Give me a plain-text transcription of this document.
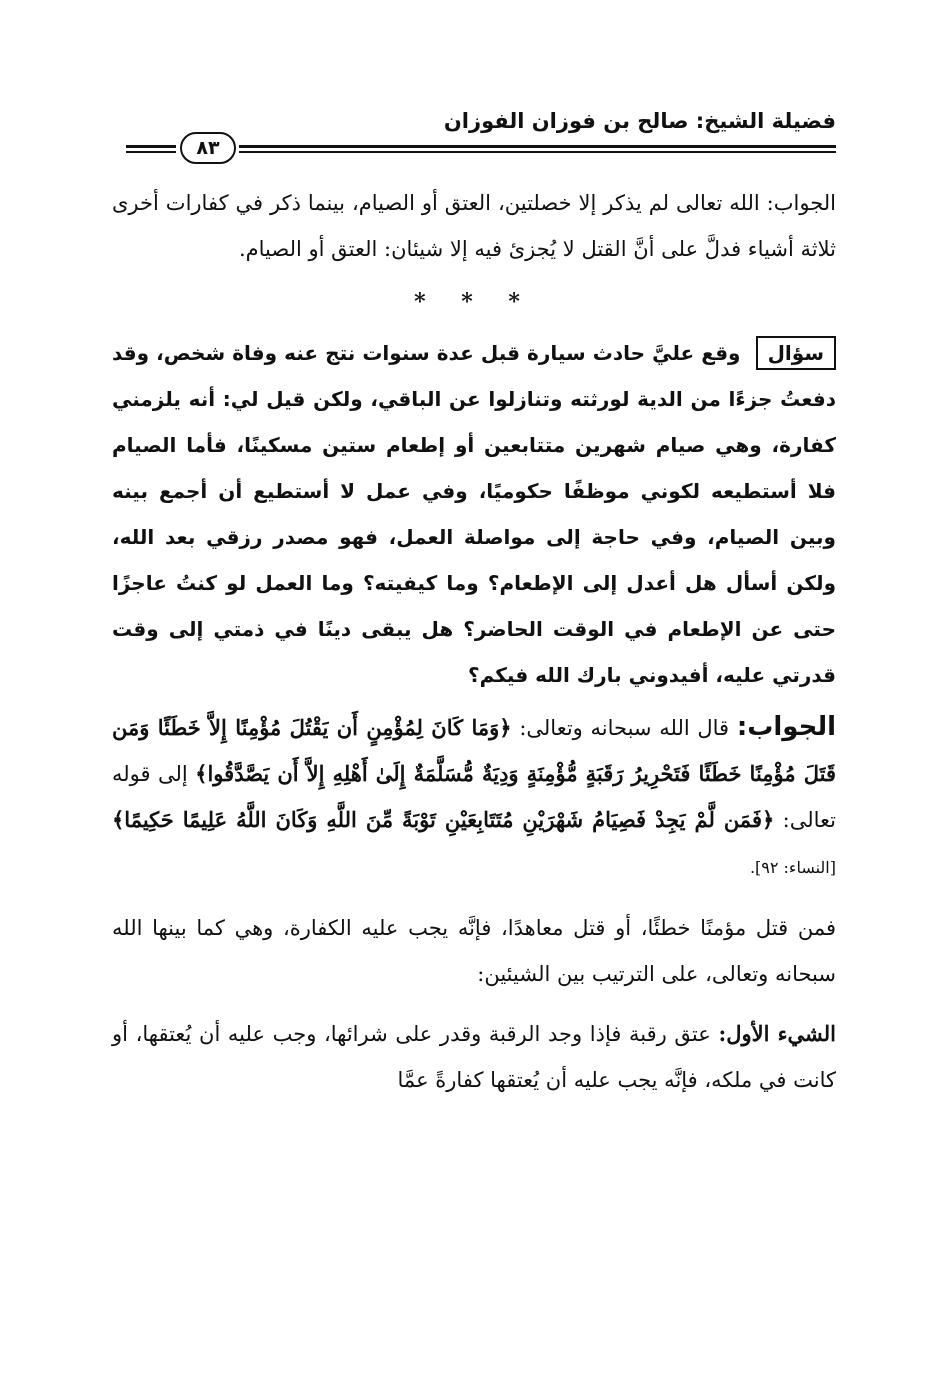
فضيلة الشيخ: صالح بن فوزان الفوزان
٨٣

الجواب: الله تعالى لم يذكر إلا خصلتين، العتق أو الصيام، بينما ذكر في كفارات أخرى ثلاثة أشياء فدلَّ على أنَّ القتل لا يُجزئ فيه إلا شيئان: العتق أو الصيام.

* * *

سؤال وقع عليَّ حادث سيارة قبل عدة سنوات نتج عنه وفاة شخص، وقد دفعتُ جزءًا من الدية لورثته وتنازلوا عن الباقي، ولكن قيل لي: أنه يلزمني كفارة، وهي صيام شهرين متتابعين أو إطعام ستين مسكينًا، فأما الصيام فلا أستطيعه لكوني موظفًا حكوميًا، وفي عمل لا أستطيع أن أجمع بينه وبين الصيام، وفي حاجة إلى مواصلة العمل، فهو مصدر رزقي بعد الله، ولكن أسأل هل أعدل إلى الإطعام؟ وما كيفيته؟ وما العمل لو كنتُ عاجزًا حتى عن الإطعام في الوقت الحاضر؟ هل يبقى دينًا في ذمتي إلى وقت قدرتي عليه، أفيدوني بارك الله فيكم؟

الجواب: قال الله سبحانه وتعالى: ﴿وَمَا كَانَ لِمُؤْمِنٍ أَن يَقْتُلَ مُؤْمِنًا إِلاَّ خَطَئًا وَمَن قَتَلَ مُؤْمِنًا خَطَئًا فَتَحْرِيرُ رَقَبَةٍ مُّؤْمِنَةٍ وَدِيَةٌ مُّسَلَّمَةٌ إِلَىٰ أَهْلِهِ إِلاَّ أَن يَصَّدَّقُوا﴾ إلى قوله تعالى: ﴿فَمَن لَّمْ يَجِدْ فَصِيَامُ شَهْرَيْنِ مُتَتَابِعَيْنِ تَوْبَةً مِّنَ اللَّهِ وَكَانَ اللَّهُ عَلِيمًا حَكِيمًا﴾ [النساء: ٩٢].

فمن قتل مؤمنًا خطئًا، أو قتل معاهدًا، فإنَّه يجب عليه الكفارة، وهي كما بينها الله سبحانه وتعالى، على الترتيب بين الشيئين:

الشيء الأول: عتق رقبة فإذا وجد الرقبة وقدر على شرائها، وجب عليه أن يُعتقها، أو كانت في ملكه، فإنَّه يجب عليه أن يُعتقها كفارةً عمَّا
